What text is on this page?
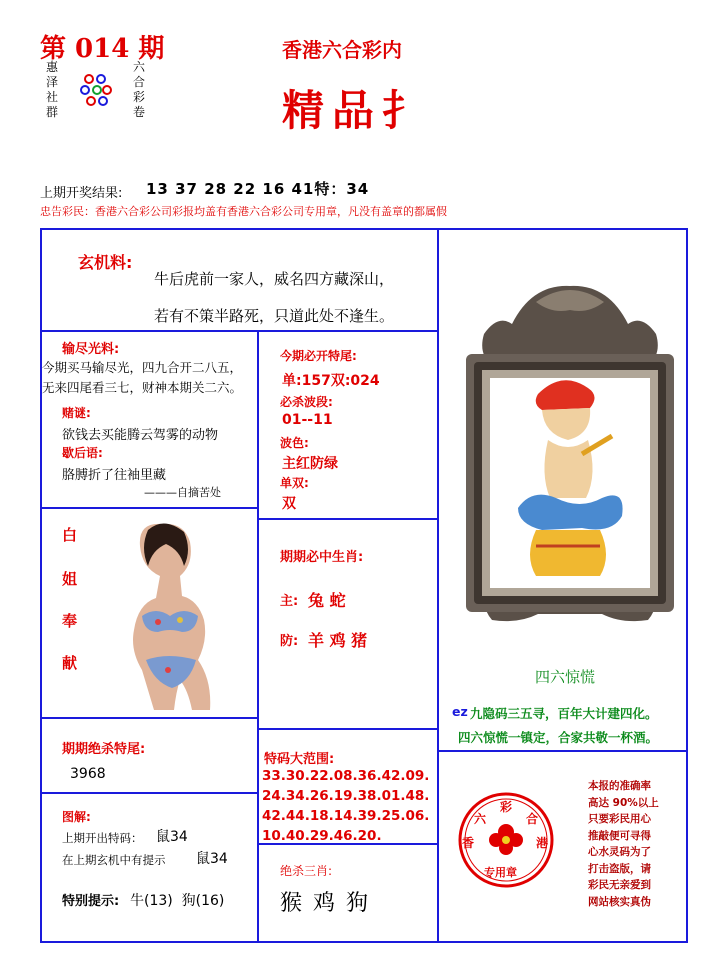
第 014 期
惠
泽
社
群
六
合
彩
卷
香港六合彩内
精品扌
上期开奖结果: 13 37 28 22 16 41特：34
忠告彩民：香港六合彩公司彩报均盖有香港六合彩公司专用章，凡没有盖章的都属假
玄机料:
牛后虎前一家人，威名四方藏深山，
若有不策半路死，只道此处不逢生。
输尽光料:
今期买马输尽光，四九合开二八五，
无来四尾看三七，财神本期关二六。
赌谜:
欲钱去买能腾云驾雾的动物
歇后语:
胳膊折了往袖里藏
———自摘苦处
白
姐
奉
献
今期必开特尾:
单:157双:024
必杀波段:
01--11
波色:
主红防绿
单双:
双
期期必中生肖:
主: 兔 蛇
防: 羊 鸡 猪
四六惊慌
ez 九隐码三五寻，百年大计建四化。
四六惊慌一镇定，合家共敬一杯酒。
期期绝杀特尾:
3968
特码大范围:
33.30.22.08.36.42.09.
24.34.26.19.38.01.48.
42.44.18.14.39.25.06.
10.40.29.46.20.
图解:
上期开出特码： 鼠34
在上期玄机中有提示 鼠34
特别提示: 牛(13)  狗(16)
绝杀三肖:
猴 鸡 狗
六
彩
合
香	港
专用章
本报的准确率
高达 90%以上
只要彩民用心
推敲便可寻得
心水灵码为了
打击盗版，请
彩民无亲爱到
网站核实真伪
